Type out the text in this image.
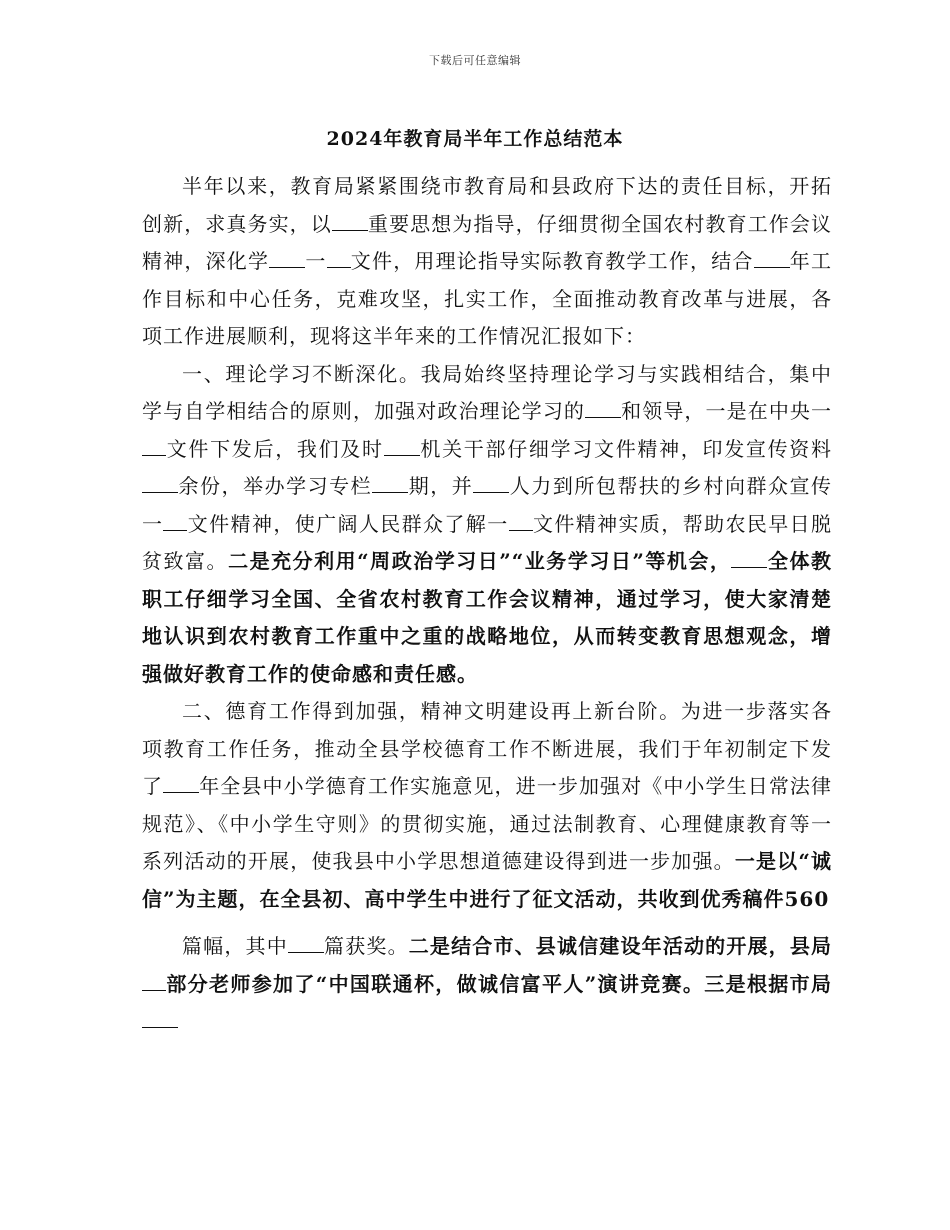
下载后可任意编辑
2024年教育局半年工作总结范本

半年以来，教育局紧紧围绕市教育局和县政府下达的责任目标，开拓创新，求真务实，以 重要思想为指导，仔细贯彻全国农村教育工作会议精神，深化学 一 文件，用理论指导实际教育教学工作，结合 年工作目标和中心任务，克难攻坚，扎实工作，全面推动教育改革与进展，各项工作进展顺利，现将这半年来的工作情况汇报如下：

一、理论学习不断深化。我局始终坚持理论学习与实践相结合，集中学与自学相结合的原则，加强对政治理论学习的 和领导，一是在中央一文件下发后，我们及时 机关干部仔细学习文件精神，印发宣传资料余份，举办学习专栏 期，并 人力到所包帮扶的乡村向群众宣传一 文件精神，使广阔人民群众了解一 文件精神实质，帮助农民早日脱贫致富。二是充分利用“周政治学习日”“业务学习日”等机会， 全体教职工仔细学习全国、全省农村教育工作会议精神，通过学习，使大家清楚地认识到农村教育工作重中之重的战略地位，从而转变教育思想观念，增强做好教育工作的使命感和责任感。

二、德育工作得到加强，精神文明建设再上新台阶。为进一步落实各项教育工作任务，推动全县学校德育工作不断进展，我们于年初制定下发了 年全县中小学德育工作实施意见，进一步加强对《中小学生日常法律规范》、《中小学生守则》的贯彻实施，通过法制教育、心理健康教育等一系列活动的开展，使我县中小学思想道德建设得到进一步加强。一是以“诚信”为主题，在全县初、高中学生中进行了征文活动，共收到优秀稿件560

篇幅，其中 篇获奖。二是结合市、县诚信建设年活动的开展，县局部分老师参加了“中国联通杯，做诚信富平人”演讲竞赛。三是根据市局
